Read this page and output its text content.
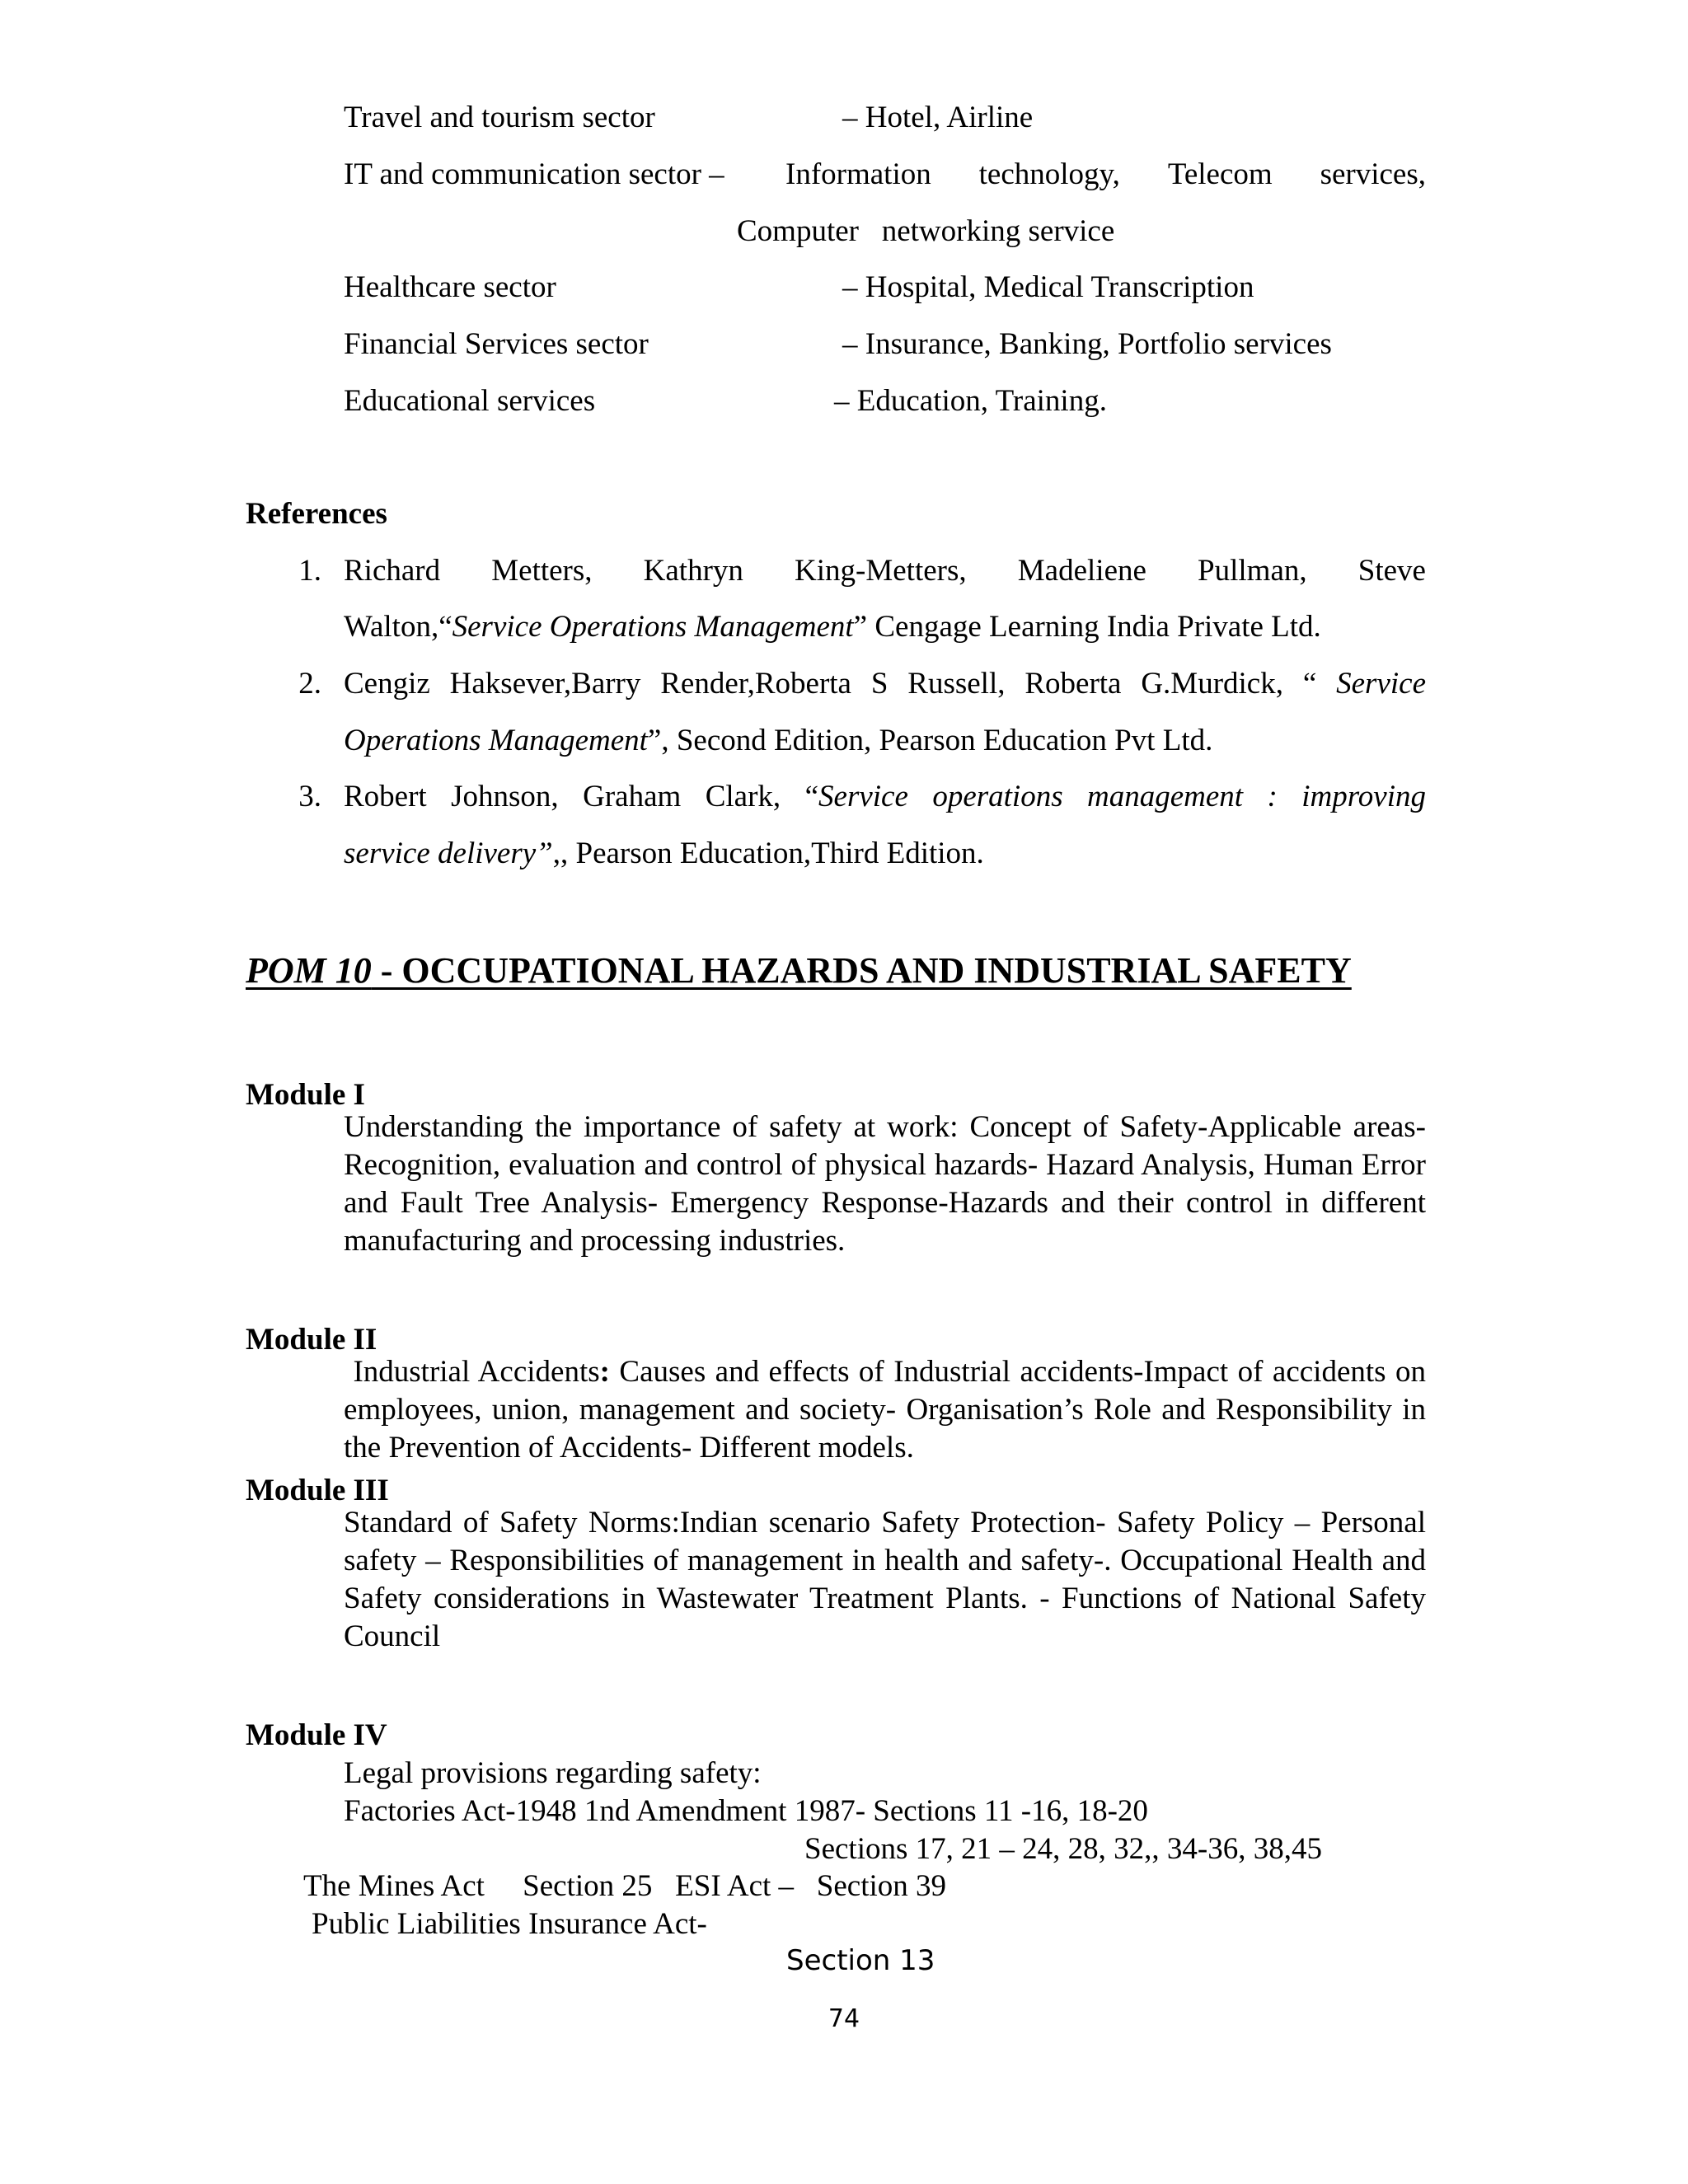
Travel and tourism sector	– Hotel, Airline
IT and communication sector – Information technology, Telecom services,
Computer   networking service
Healthcare sector	– Hospital, Medical Transcription
Financial Services sector	– Insurance, Banking, Portfolio services
Educational services	– Education, Training.
References
1. Richard Metters, Kathryn King-Metters, Madeliene Pullman, Steve
Walton,“Service Operations Management” Cengage Learning India Private Ltd.
2. Cengiz Haksever,Barry Render,Roberta S Russell, Roberta G.Murdick, “ Service
Operations Management”, Second Edition, Pearson Education Pvt Ltd.
3. Robert Johnson, Graham Clark, “Service operations management : improving
service delivery”,, Pearson Education,Third Edition.
POM 10 - OCCUPATIONAL HAZARDS AND INDUSTRIAL SAFETY
Module I
Understanding the importance of safety at work: Concept of Safety-Applicable areas- Recognition, evaluation and control of physical hazards- Hazard Analysis, Human Error and Fault Tree Analysis- Emergency Response-Hazards and their control in different manufacturing and processing industries.
Module II
Industrial Accidents: Causes and effects of Industrial accidents-Impact of accidents on employees, union, management and society- Organisation’s Role and Responsibility in the Prevention of Accidents- Different models.
Module III
Standard of Safety Norms:Indian scenario Safety Protection- Safety Policy – Personal safety – Responsibilities of management in health and safety-. Occupational Health and Safety considerations in Wastewater Treatment Plants. - Functions of National Safety Council
Module IV
Legal provisions regarding safety:
Factories Act-1948 1nd Amendment 1987- Sections 11 -16, 18-20
Sections 17, 21 – 24, 28, 32,, 34-36, 38,45
The Mines Act     Section 25   ESI Act –   Section 39
Public Liabilities Insurance Act-
Section 13
74
